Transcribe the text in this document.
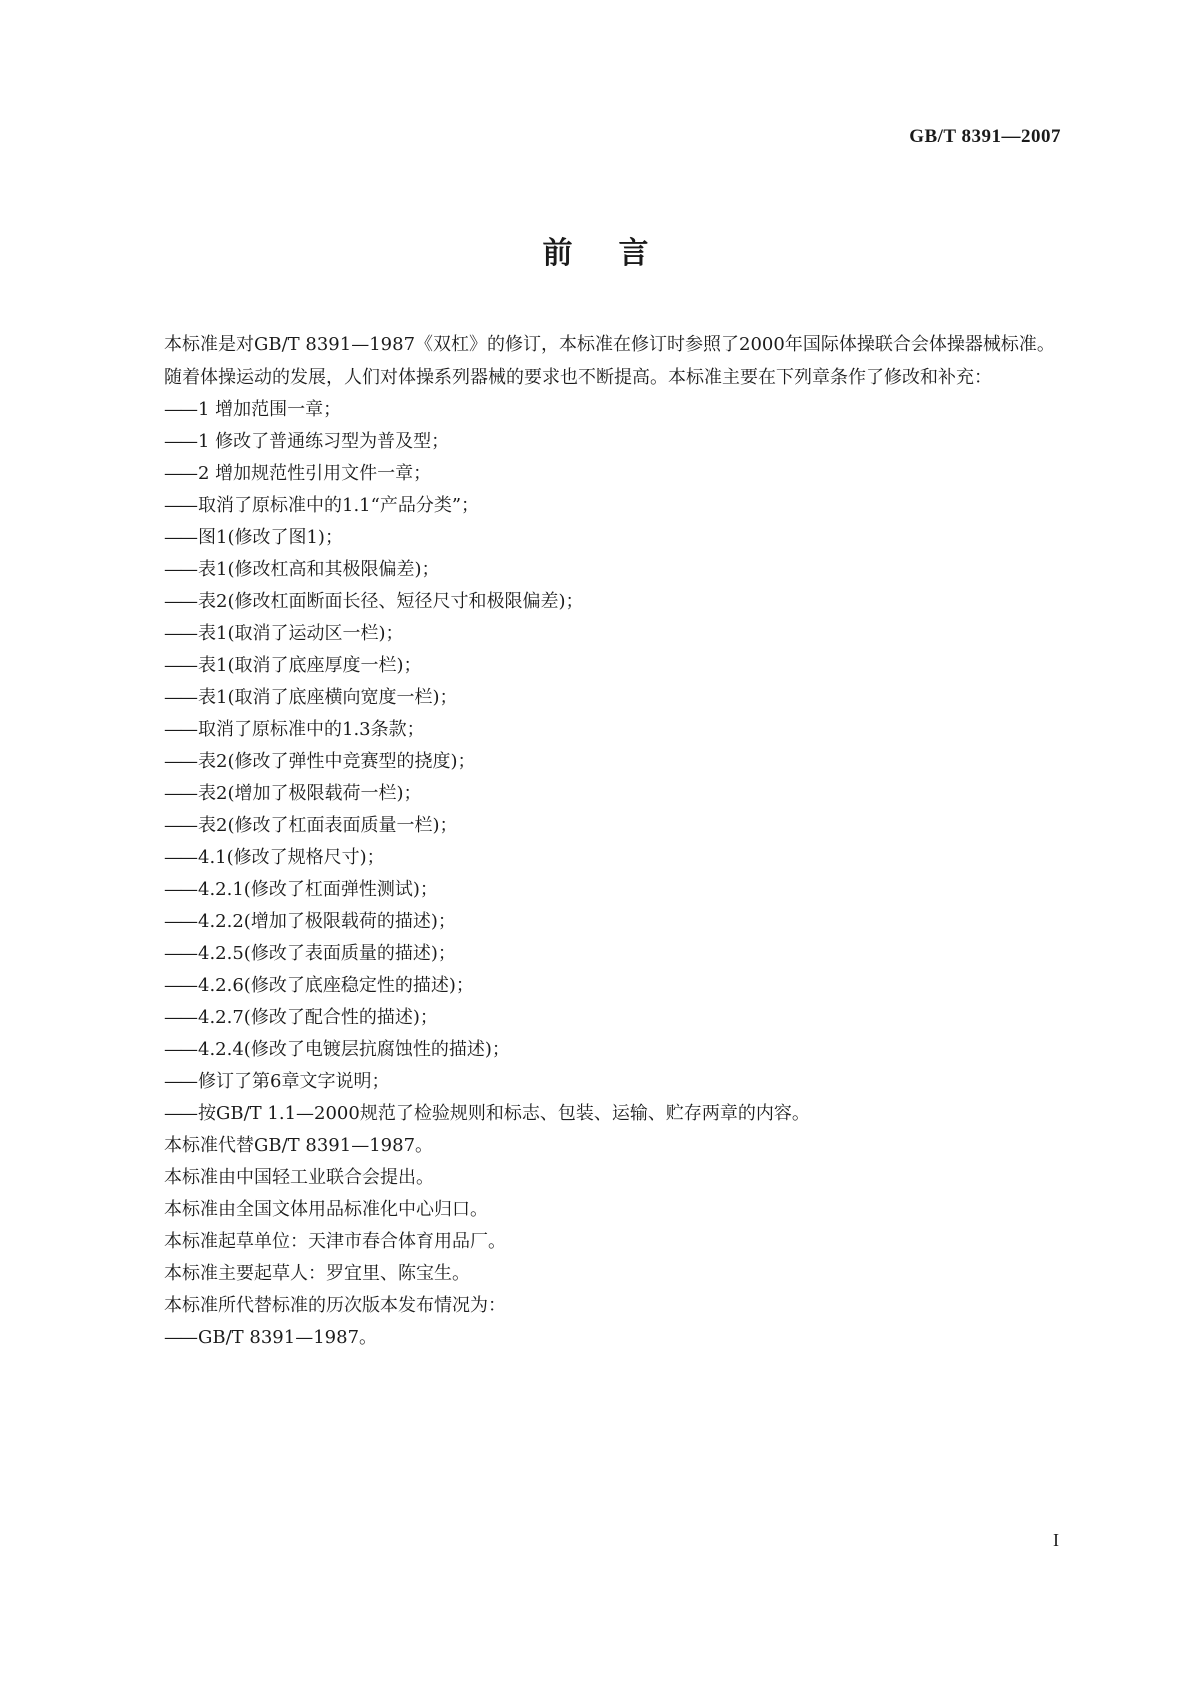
GB/T 8391—2007
前言

本标准是对GB/T 8391—1987《双杠》的修订，本标准在修订时参照了2000年国际体操联合会体操器械标准。

随着体操运动的发展，人们对体操系列器械的要求也不断提高。本标准主要在下列章条作了修改和补充：

—— 1 增加范围一章；

—— 1 修改了普通练习型为普及型；

—— 2 增加规范性引用文件一章；

—— 取消了原标准中的1.1“产品分类”；

—— 图1(修改了图1)；

—— 表1(修改杠高和其极限偏差)；

—— 表2(修改杠面断面长径、短径尺寸和极限偏差)；

—— 表1(取消了运动区一栏)；

—— 表1(取消了底座厚度一栏)；

—— 表1(取消了底座横向宽度一栏)；

—— 取消了原标准中的1.3条款；

—— 表2(修改了弹性中竞赛型的挠度)；

—— 表2(增加了极限载荷一栏)；

—— 表2(修改了杠面表面质量一栏)；

—— 4.1(修改了规格尺寸)；

—— 4.2.1(修改了杠面弹性测试)；

—— 4.2.2(增加了极限载荷的描述)；

—— 4.2.5(修改了表面质量的描述)；

—— 4.2.6(修改了底座稳定性的描述)；

—— 4.2.7(修改了配合性的描述)；

—— 4.2.4(修改了电镀层抗腐蚀性的描述)；

—— 修订了第6章文字说明；

—— 按GB/T 1.1—2000规范了检验规则和标志、包装、运输、贮存两章的内容。

本标准代替GB/T 8391—1987。

本标准由中国轻工业联合会提出。

本标准由全国文体用品标准化中心归口。

本标准起草单位：天津市春合体育用品厂。

本标准主要起草人：罗宜里、陈宝生。

本标准所代替标准的历次版本发布情况为：

—— GB/T 8391—1987。

I
